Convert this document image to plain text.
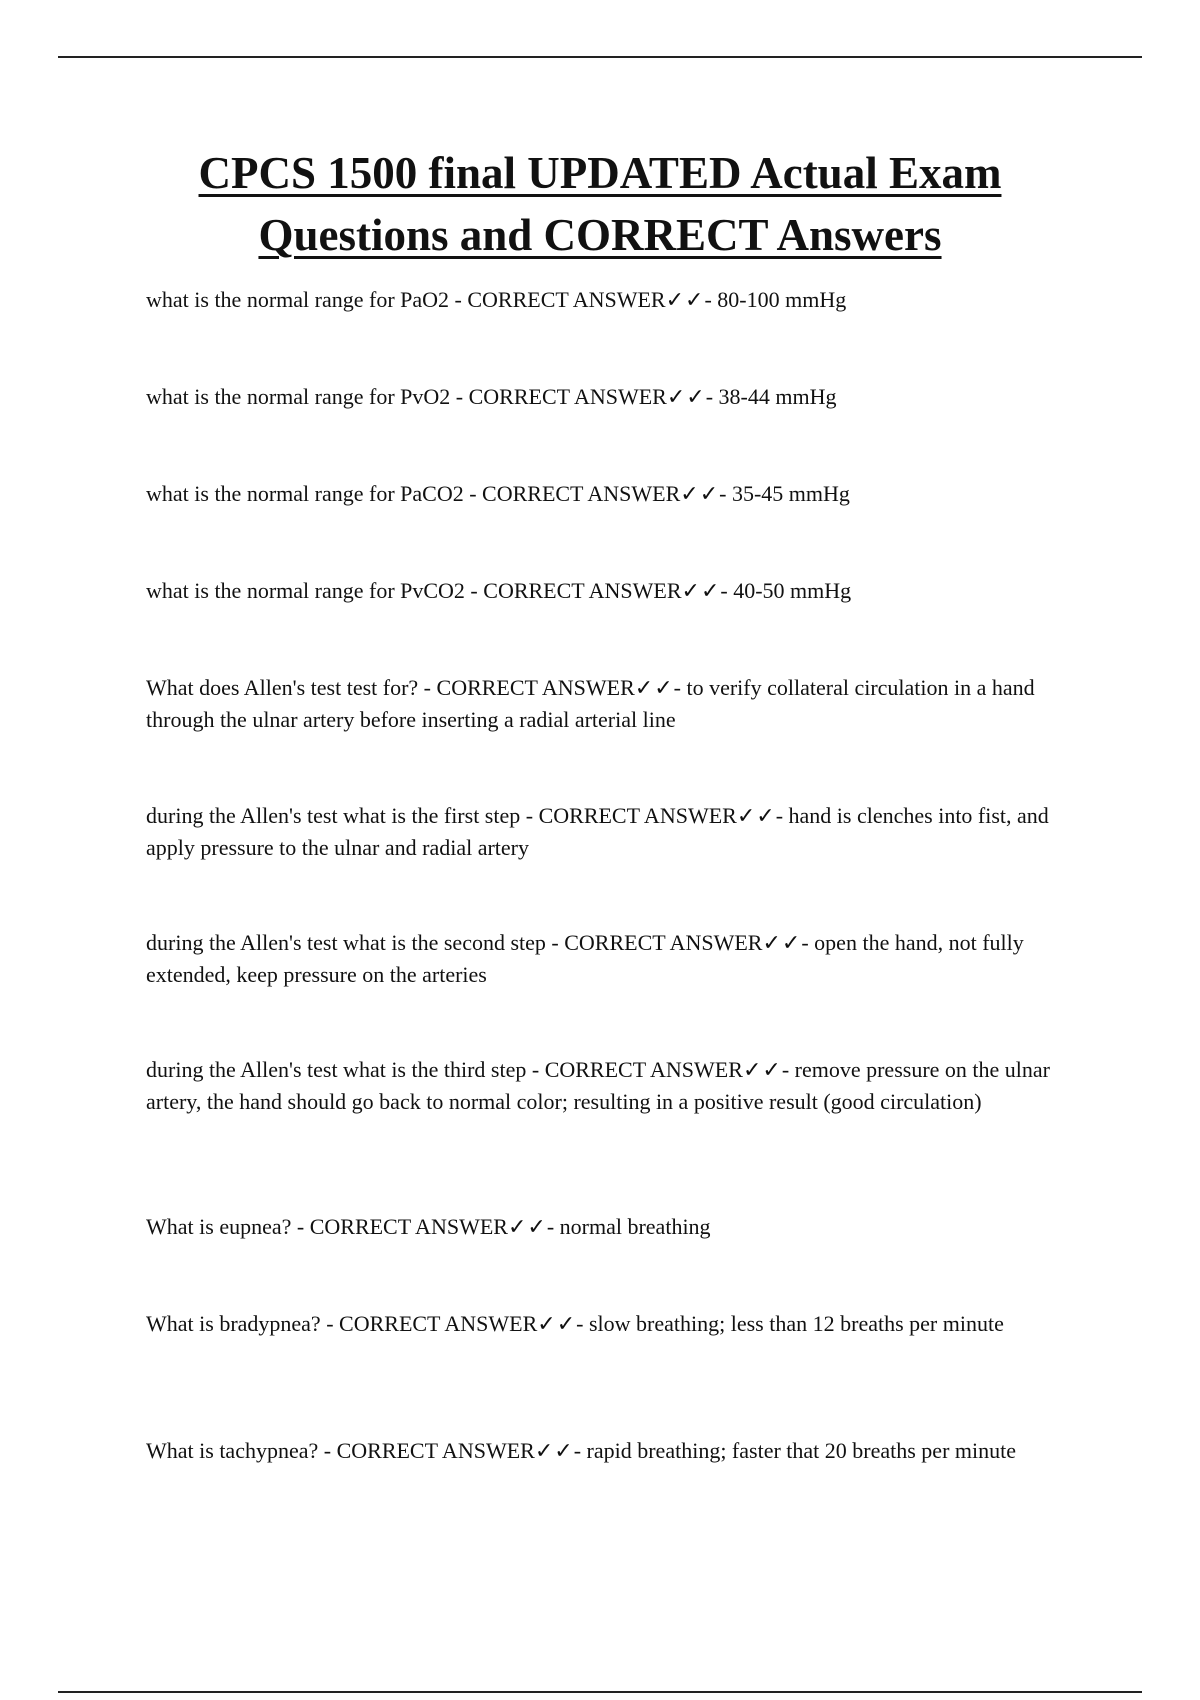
CPCS 1500 final UPDATED Actual Exam
Questions and CORRECT Answers

what is the normal range for PaO2 - CORRECT ANSWER✓✓- 80-100 mmHg

what is the normal range for PvO2 - CORRECT ANSWER✓✓- 38-44 mmHg

what is the normal range for PaCO2 - CORRECT ANSWER✓✓- 35-45 mmHg

what is the normal range for PvCO2 - CORRECT ANSWER✓✓- 40-50 mmHg

What does Allen's test test for? - CORRECT ANSWER✓✓- to verify collateral circulation in a hand through the ulnar artery before inserting a radial arterial line

during the Allen's test what is the first step - CORRECT ANSWER✓✓- hand is clenches into fist, and apply pressure to the ulnar and radial artery

during the Allen's test what is the second step - CORRECT ANSWER✓✓- open the hand, not fully extended, keep pressure on the arteries

during the Allen's test what is the third step - CORRECT ANSWER✓✓- remove pressure on the ulnar artery, the hand should go back to normal color; resulting in a positive result (good circulation)

What is eupnea? - CORRECT ANSWER✓✓- normal breathing

What is bradypnea? - CORRECT ANSWER✓✓- slow breathing; less than 12 breaths per minute

What is tachypnea? - CORRECT ANSWER✓✓- rapid breathing; faster that 20 breaths per minute
